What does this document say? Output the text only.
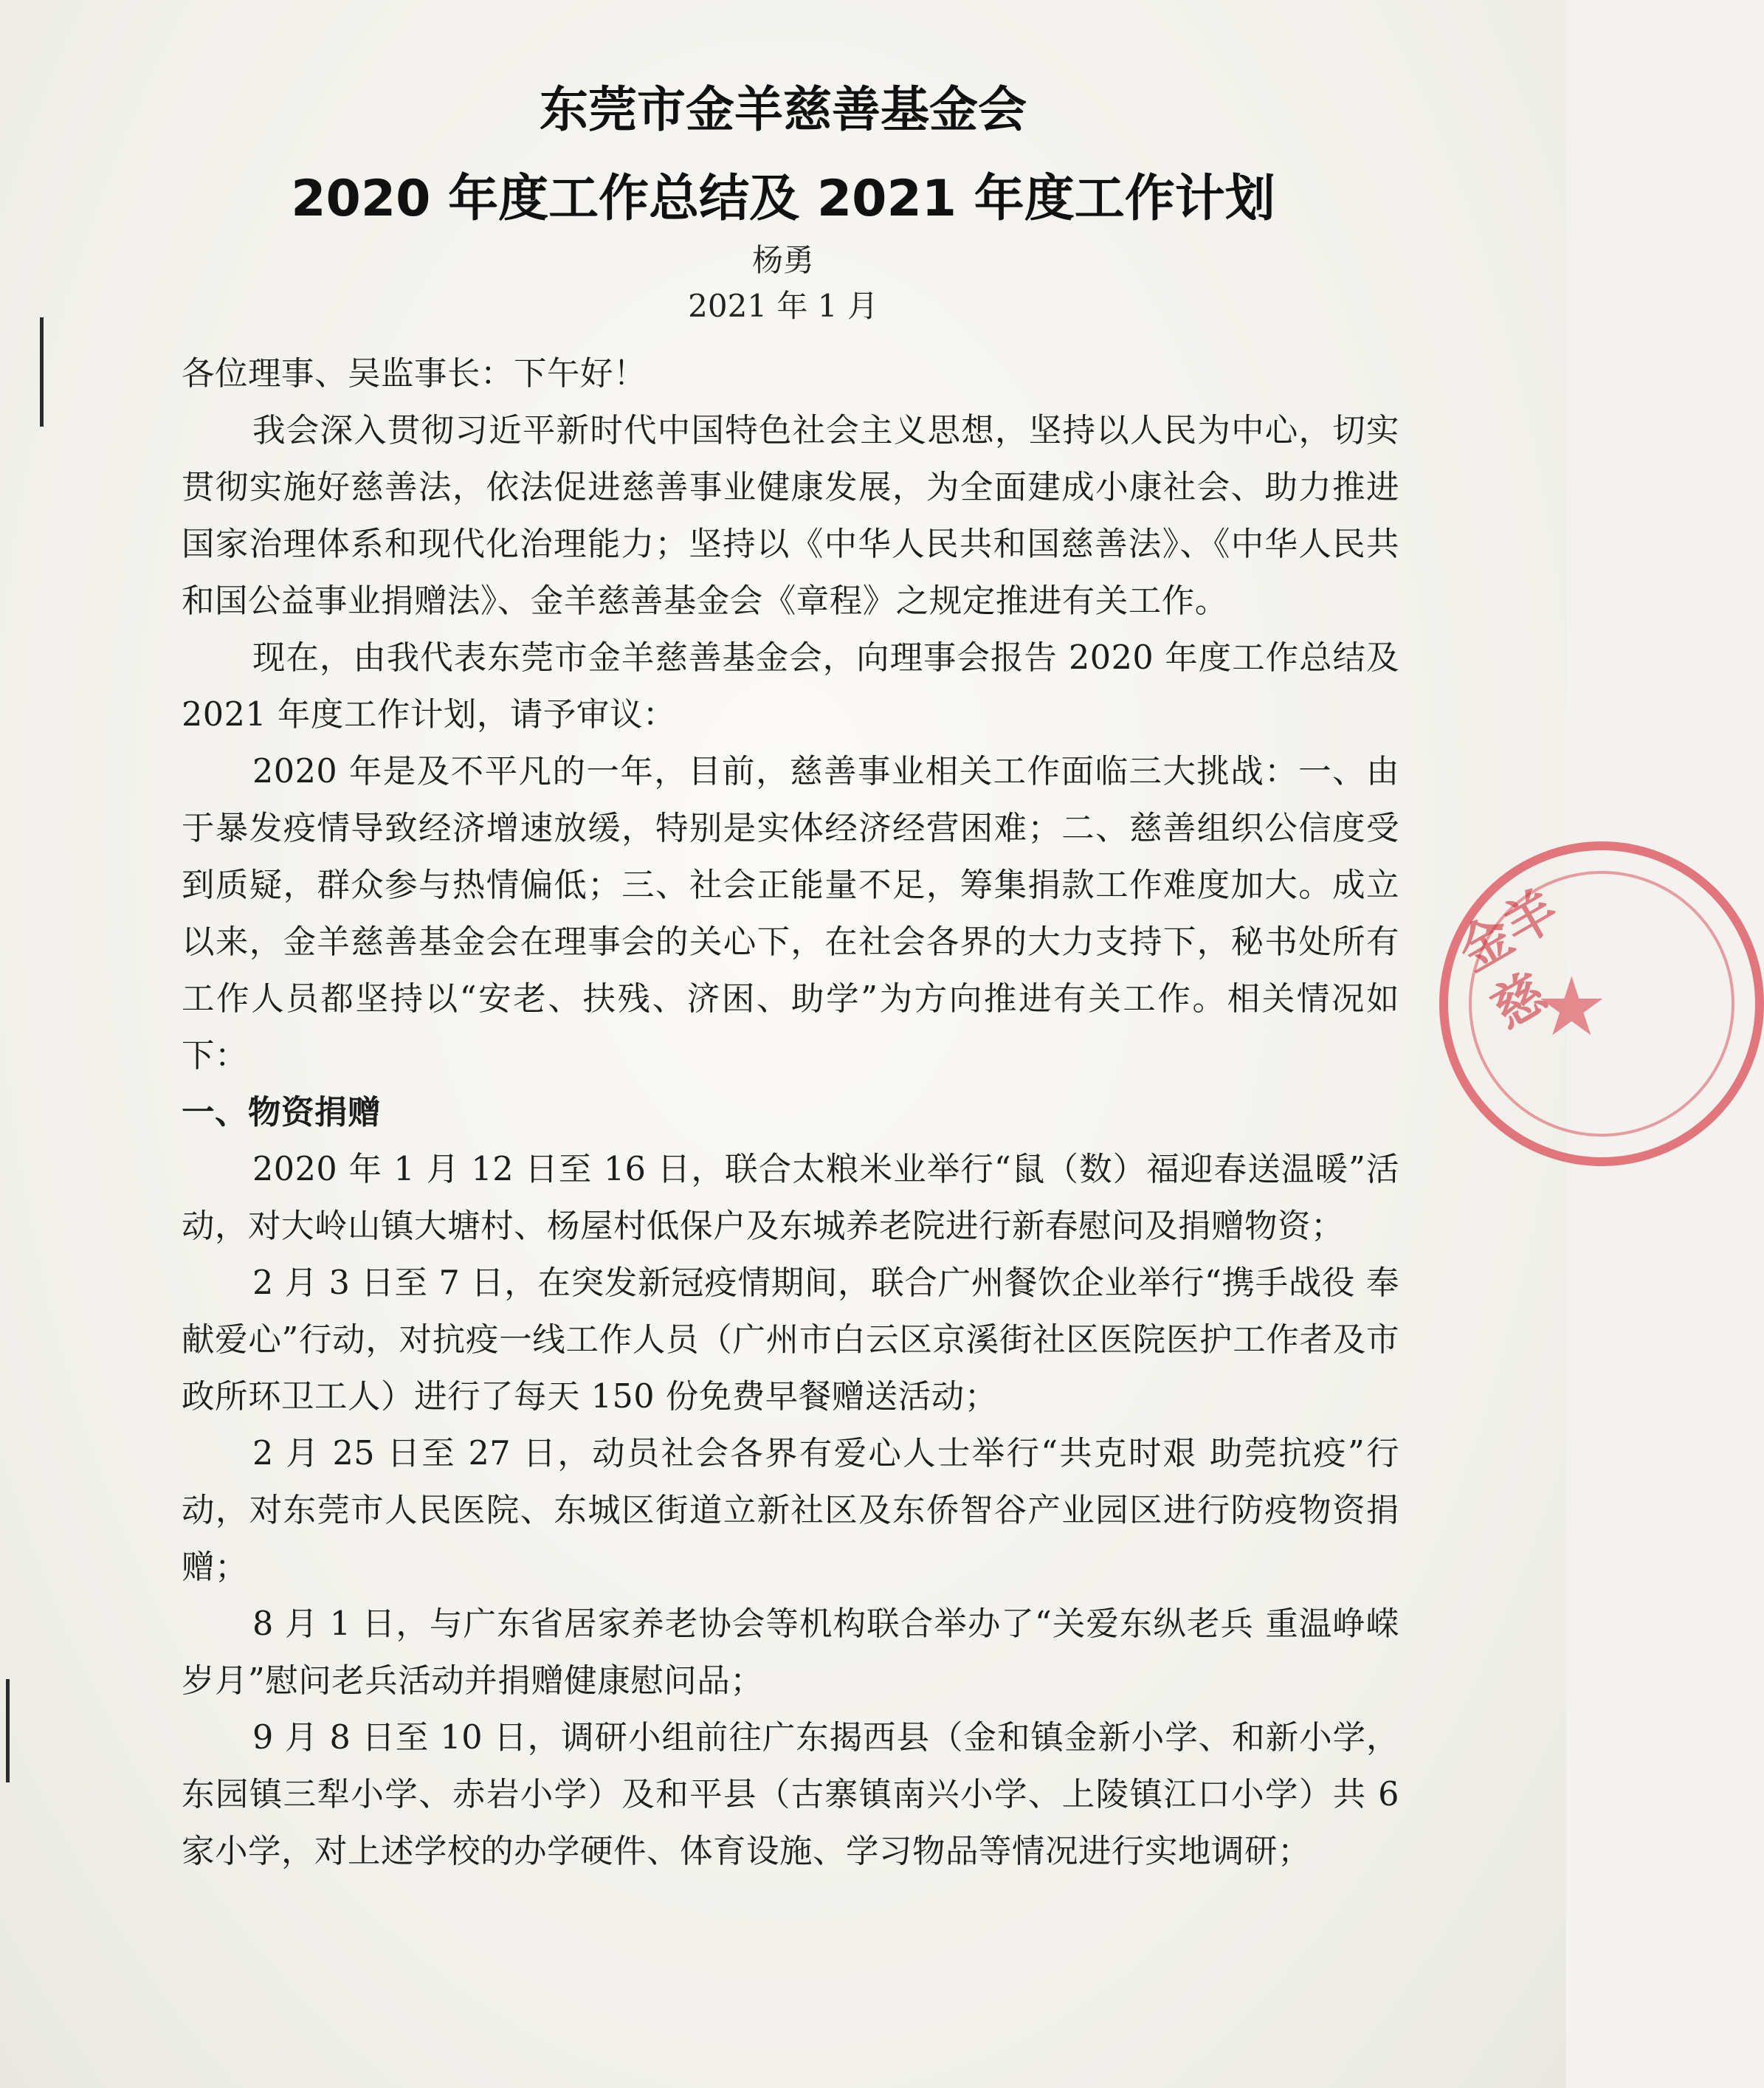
金羊慈
★
东莞市金羊慈善基金会
2020 年度工作总结及 2021 年度工作计划
杨勇
2021 年 1 月

各位理事、吴监事长：下午好！

我会深入贯彻习近平新时代中国特色社会主义思想，坚持以人民为中心，切实贯彻实施好慈善法，依法促进慈善事业健康发展，为全面建成小康社会、助力推进国家治理体系和现代化治理能力；坚持以《中华人民共和国慈善法》、《中华人民共和国公益事业捐赠法》、金羊慈善基金会《章程》之规定推进有关工作。

现在，由我代表东莞市金羊慈善基金会，向理事会报告 2020 年度工作总结及 2021 年度工作计划，请予审议：

2020 年是及不平凡的一年，目前，慈善事业相关工作面临三大挑战：一、由于暴发疫情导致经济增速放缓，特别是实体经济经营困难；二、慈善组织公信度受到质疑，群众参与热情偏低；三、社会正能量不足，筹集捐款工作难度加大。成立以来，金羊慈善基金会在理事会的关心下，在社会各界的大力支持下，秘书处所有工作人员都坚持以“安老、扶残、济困、助学”为方向推进有关工作。相关情况如下：

一、物资捐赠

2020 年 1 月 12 日至 16 日，联合太粮米业举行“鼠（数）福迎春送温暖”活动，对大岭山镇大塘村、杨屋村低保户及东城养老院进行新春慰问及捐赠物资；

2 月 3 日至 7 日，在突发新冠疫情期间，联合广州餐饮企业举行“携手战役 奉献爱心”行动，对抗疫一线工作人员（广州市白云区京溪街社区医院医护工作者及市政所环卫工人）进行了每天 150 份免费早餐赠送活动；

2 月 25 日至 27 日，动员社会各界有爱心人士举行“共克时艰 助莞抗疫”行动，对东莞市人民医院、东城区街道立新社区及东侨智谷产业园区进行防疫物资捐赠；

8 月 1 日，与广东省居家养老协会等机构联合举办了“关爱东纵老兵 重温峥嵘岁月”慰问老兵活动并捐赠健康慰问品；

9 月 8 日至 10 日，调研小组前往广东揭西县（金和镇金新小学、和新小学，东园镇三犁小学、赤岩小学）及和平县（古寨镇南兴小学、上陵镇江口小学）共 6 家小学，对上述学校的办学硬件、体育设施、学习物品等情况进行实地调研；
